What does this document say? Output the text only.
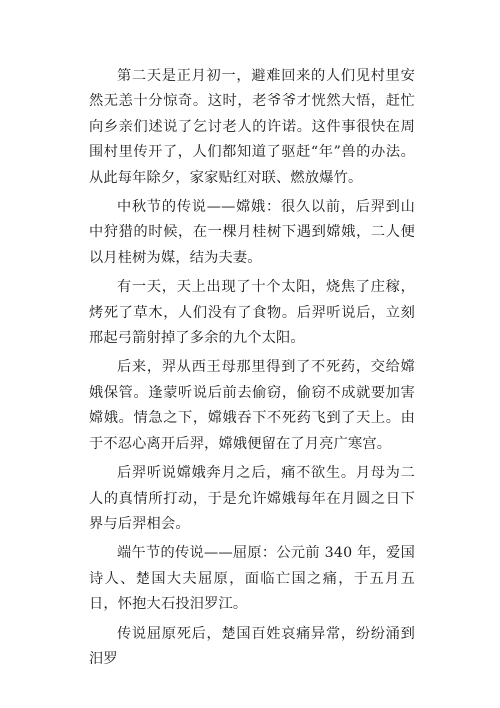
第二天是正月初一，避难回来的人们见村里安然无恙十分惊奇。这时，老爷爷才恍然大悟，赶忙向乡亲们述说了乞讨老人的许诺。这件事很快在周围村里传开了，人们都知道了驱赶“年”兽的办法。从此每年除夕，家家贴红对联、燃放爆竹。

中秋节的传说——嫦娥：很久以前，后羿到山中狩猎的时候，在一棵月桂树下遇到嫦娥，二人便以月桂树为媒，结为夫妻。

有一天，天上出现了十个太阳，烧焦了庄稼，烤死了草木，人们没有了食物。后羿听说后，立刻邢起弓箭射掉了多余的九个太阳。

后来，羿从西王母那里得到了不死药，交给嫦娥保管。逢蒙听说后前去偷窃，偷窃不成就要加害嫦娥。情急之下，嫦娥吞下不死药飞到了天上。由于不忍心离开后羿，嫦娥便留在了月亮广寒宫。

后羿听说嫦娥奔月之后，痛不欲生。月母为二人的真情所打动，于是允许嫦娥每年在月圆之日下界与后羿相会。

端午节的传说——屈原：公元前 340 年，爱国诗人、楚国大夫屈原，面临亡国之痛，于五月五日，怀抱大石投汨罗江。

传说屈原死后，楚国百姓哀痛异常，纷纷涌到汨罗
